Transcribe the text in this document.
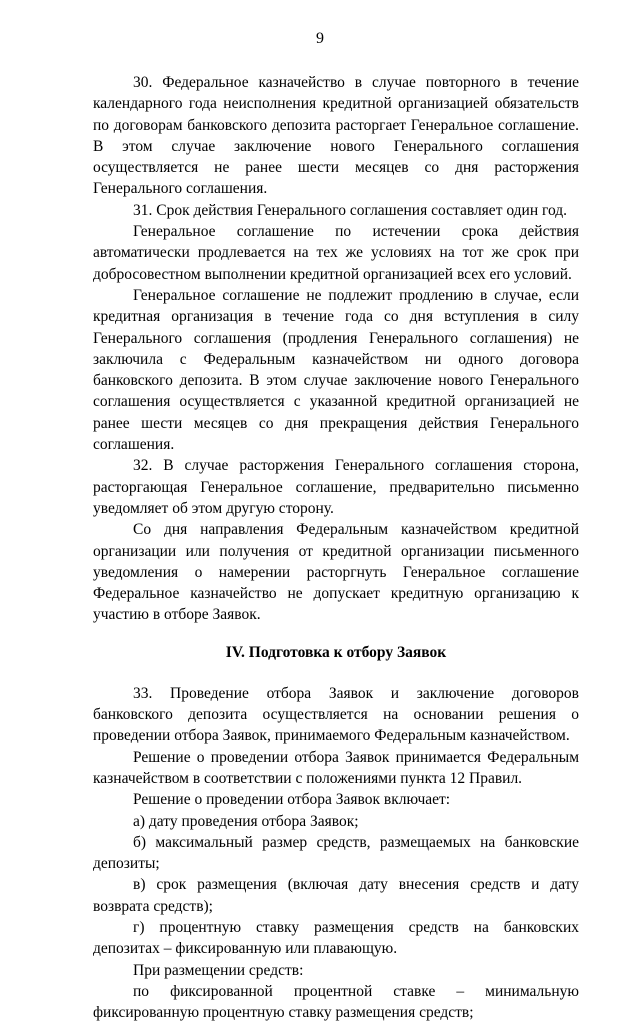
9

30. Федеральное казначейство в случае повторного в течение календарного года неисполнения кредитной организацией обязательств по договорам банковского депозита расторгает Генеральное соглашение. В этом случае заключение нового Генерального соглашения осуществляется не ранее шести месяцев со дня расторжения Генерального соглашения.

31. Срок действия Генерального соглашения составляет один год.

Генеральное соглашение по истечении срока действия автоматически продлевается на тех же условиях на тот же срок при добросовестном выполнении кредитной организацией всех его условий.

Генеральное соглашение не подлежит продлению в случае, если кредитная организация в течение года со дня вступления в силу Генерального соглашения (продления Генерального соглашения) не заключила с Федеральным казначейством ни одного договора банковского депозита. В этом случае заключение нового Генерального соглашения осуществляется с указанной кредитной организацией не ранее шести месяцев со дня прекращения действия Генерального соглашения.

32. В случае расторжения Генерального соглашения сторона, расторгающая Генеральное соглашение, предварительно письменно уведомляет об этом другую сторону.

Со дня направления Федеральным казначейством кредитной организации или получения от кредитной организации письменного уведомления о намерении расторгнуть Генеральное соглашение Федеральное казначейство не допускает кредитную организацию к участию в отборе Заявок.

IV. Подготовка к отбору Заявок

33. Проведение отбора Заявок и заключение договоров банковского депозита осуществляется на основании решения о проведении отбора Заявок, принимаемого Федеральным казначейством.

Решение о проведении отбора Заявок принимается Федеральным казначейством в соответствии с положениями пункта 12 Правил.

Решение о проведении отбора Заявок включает:

а) дату проведения отбора Заявок;

б) максимальный размер средств, размещаемых на банковские депозиты;

в) срок размещения (включая дату внесения средств и дату возврата средств);

г) процентную ставку размещения средств на банковских депозитах – фиксированную или плавающую.

При размещении средств:

по фиксированной процентной ставке – минимальную фиксированную процентную ставку размещения средств;
